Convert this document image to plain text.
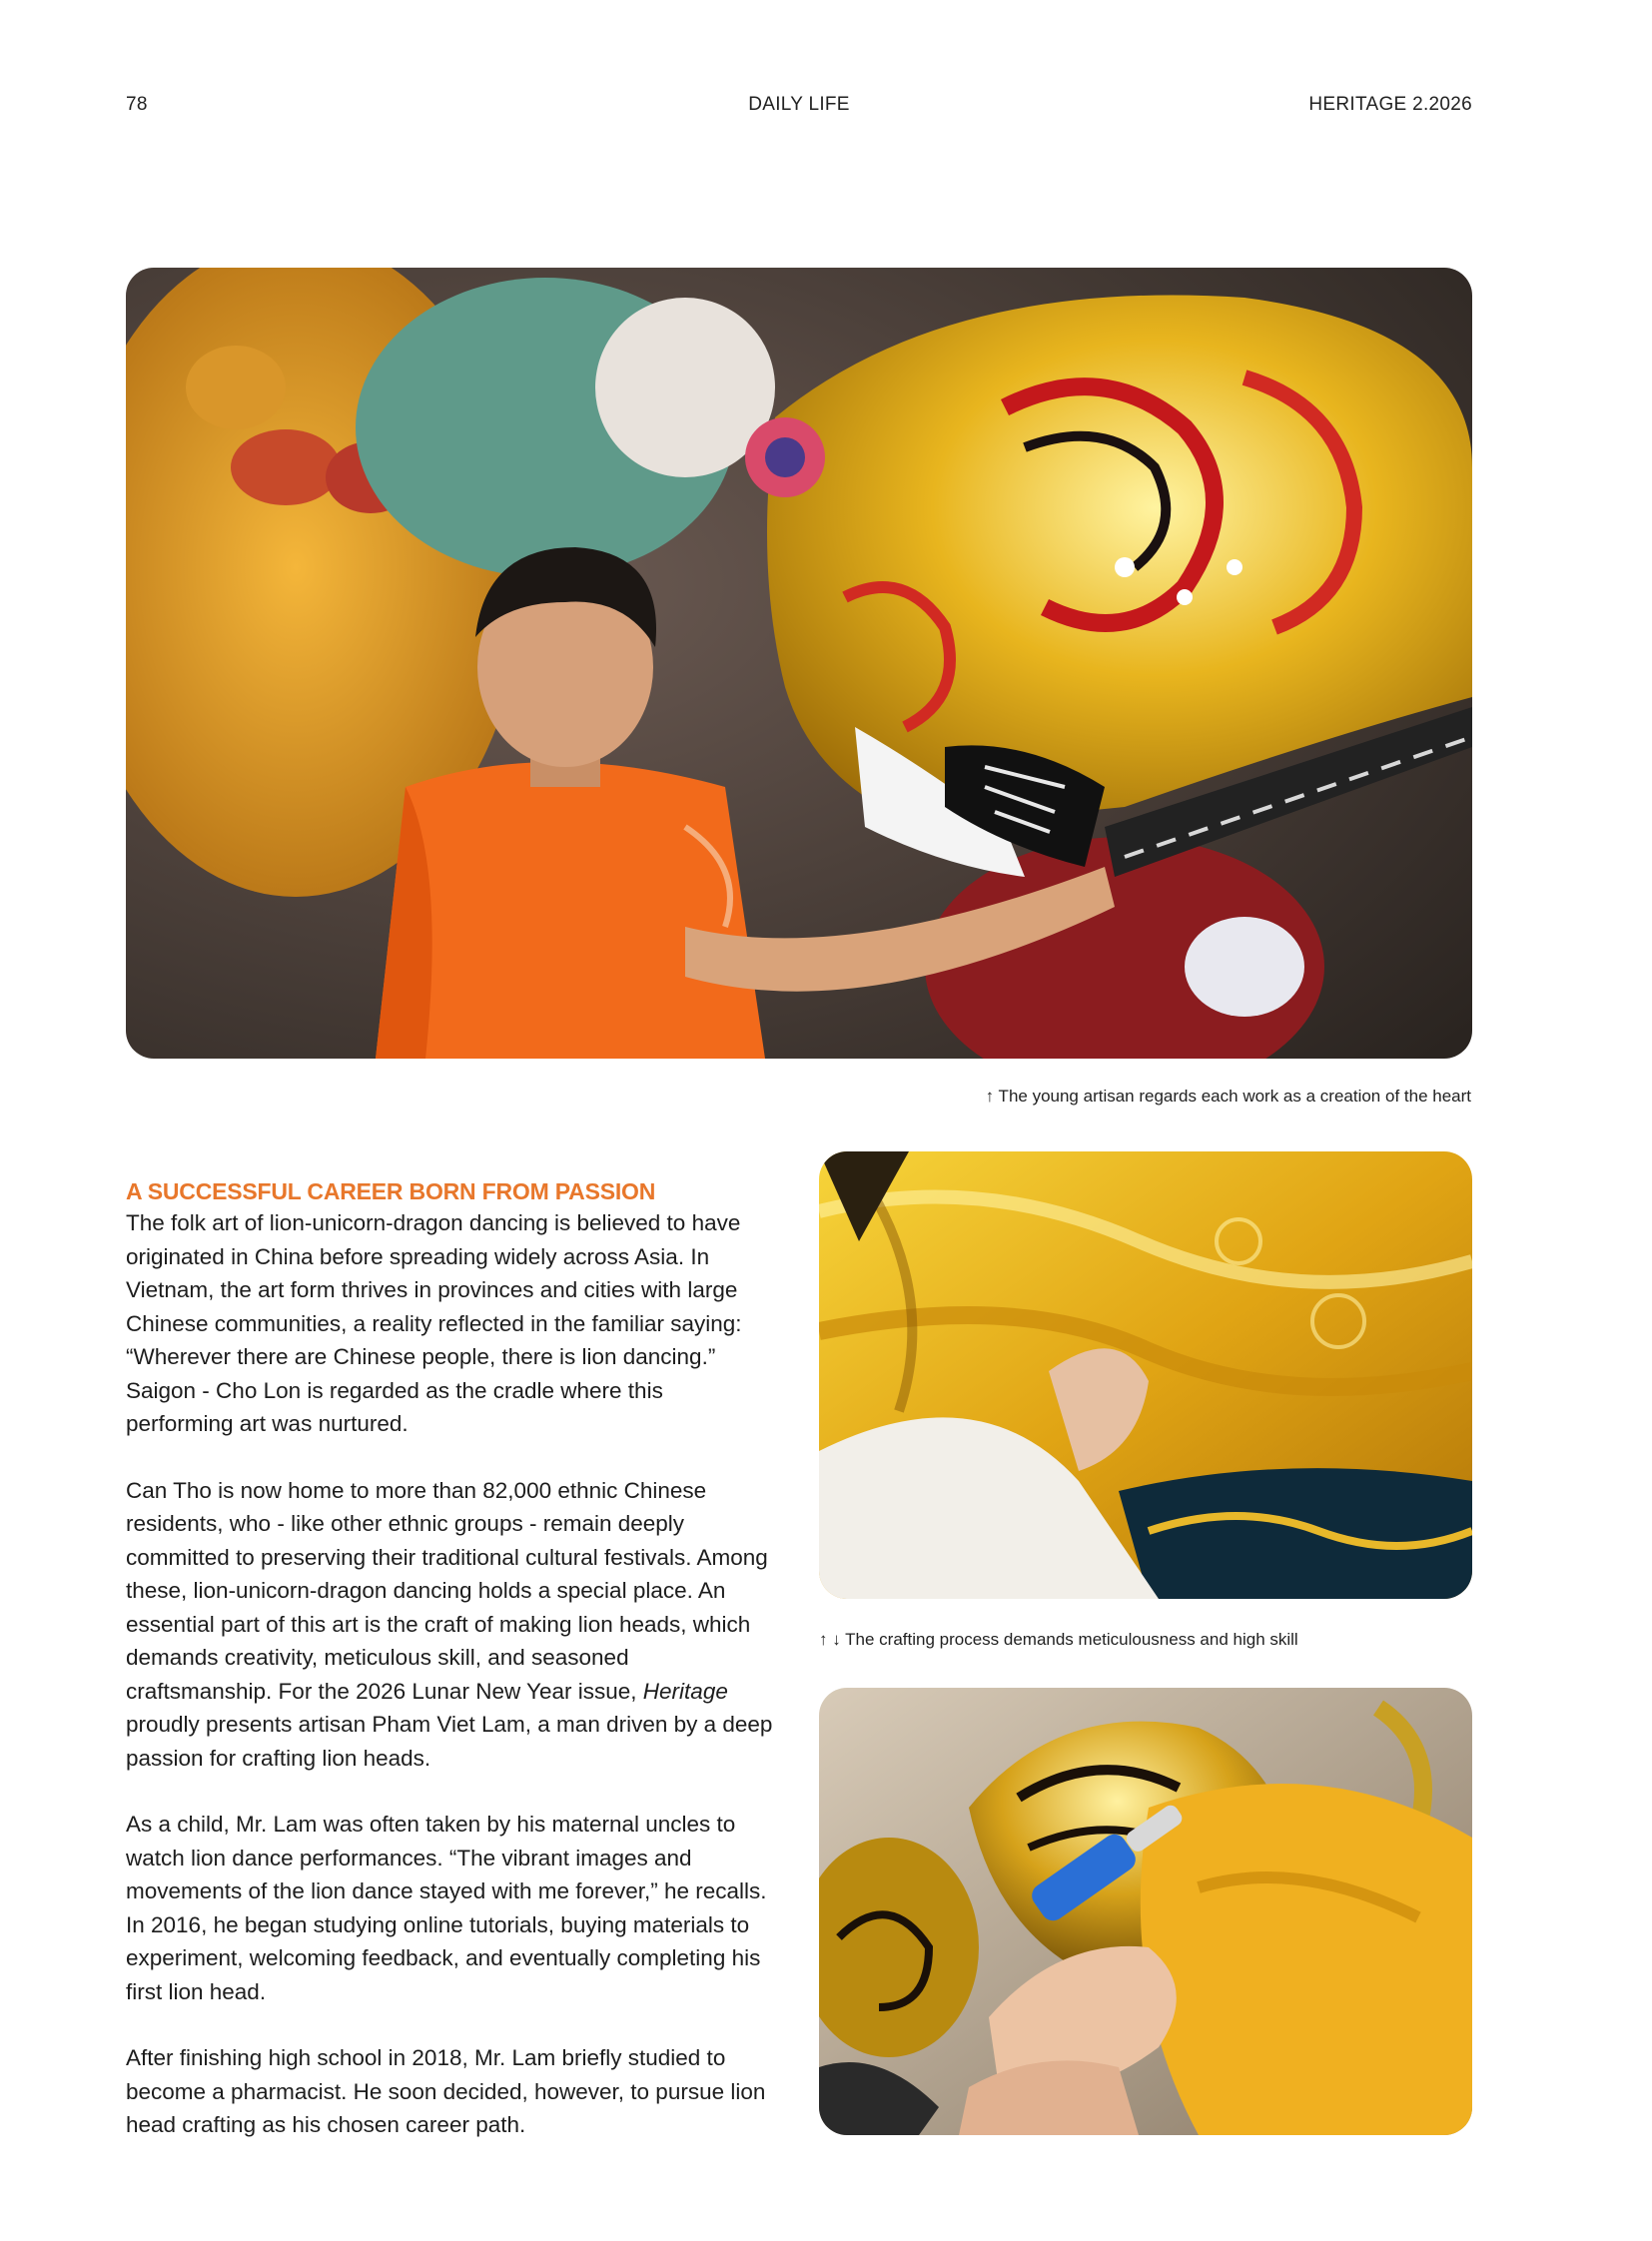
78	DAILY LIFE	HERITAGE 2.2026
↑ The young artisan regards each work as a creation of the heart
↑ ↓ The crafting process demands meticulousness and high skill
A SUCCESSFUL CAREER BORN FROM PASSION

The folk art of lion-unicorn-dragon dancing is believed to have originated in China before spreading widely across Asia. In Vietnam, the art form thrives in provinces and cities with large Chinese communities, a reality reflected in the familiar saying: “Wherever there are Chinese people, there is lion dancing.” Saigon - Cho Lon is regarded as the cradle where this performing art was nurtured.

Can Tho is now home to more than 82,000 ethnic Chinese residents, who - like other ethnic groups - remain deeply committed to preserving their traditional cultural festivals. Among these, lion-unicorn-dragon dancing holds a special place. An essential part of this art is the craft of making lion heads, which demands creativity, meticulous skill, and seasoned craftsmanship. For the 2026 Lunar New Year issue, Heritage proudly presents artisan Pham Viet Lam, a man driven by a deep passion for crafting lion heads.

As a child, Mr. Lam was often taken by his maternal uncles to watch lion dance performances. “The vibrant images and movements of the lion dance stayed with me forever,” he recalls. In 2016, he began studying online tutorials, buying materials to experiment, welcoming feedback, and eventually completing his first lion head.

After finishing high school in 2018, Mr. Lam briefly studied to become a pharmacist. He soon decided, however, to pursue lion head crafting as his chosen career path.
